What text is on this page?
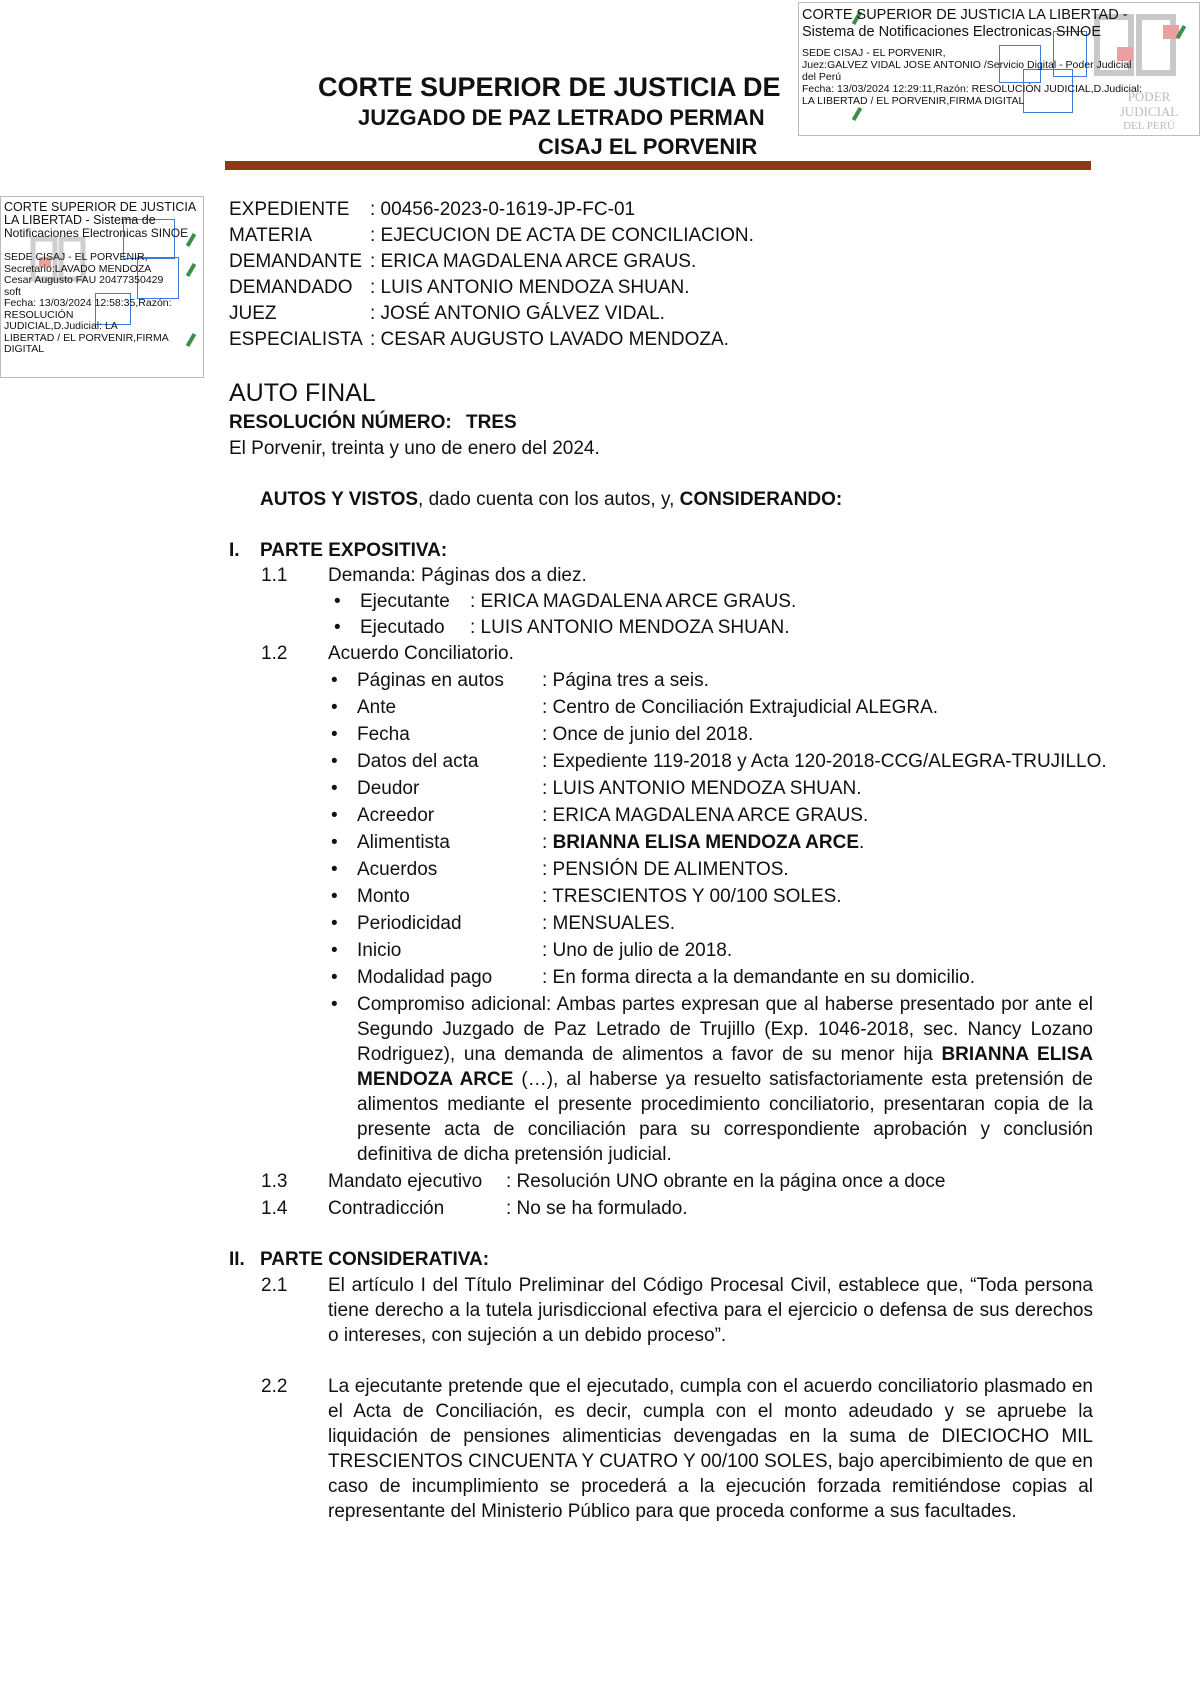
CORTE SUPERIOR DE JUSTICIA DE
JUZGADO DE PAZ LETRADO PERMAN
CISAJ EL PORVENIR
PODER JUDICIAL
DEL PERÚ
CORTE SUPERIOR DE JUSTICIA LA LIBERTAD -
Sistema de Notificaciones Electronicas SINOE
SEDE CISAJ - EL PORVENIR,
Juez:GALVEZ VIDAL JOSE ANTONIO /Servicio Digital - Poder Judicial
del Perú
Fecha: 13/03/2024 12:29:11,Razón: RESOLUCIÓN JUDICIAL,D.Judicial:
LA LIBERTAD / EL PORVENIR,FIRMA DIGITAL
CORTE SUPERIOR DE JUSTICIA
LA LIBERTAD - Sistema de
Notificaciones Electronicas SINOE
SEDE CISAJ - EL PORVENIR,
Secretario:LAVADO MENDOZA
Cesar Augusto FAU 20477350429
soft
Fecha: 13/03/2024 12:58:35,Razón:
RESOLUCIÓN
JUDICIAL,D.Judicial: LA
LIBERTAD / EL PORVENIR,FIRMA
DIGITAL
EXPEDIENTE : 00456-2023-0-1619-JP-FC-01
MATERIA	: EJECUCION DE ACTA DE CONCILIACION.
DEMANDANTE : ERICA MAGDALENA ARCE GRAUS.
DEMANDADO : LUIS ANTONIO MENDOZA SHUAN.
JUEZ	: JOSÉ ANTONIO GÁLVEZ VIDAL.
ESPECIALISTA : CESAR AUGUSTO LAVADO MENDOZA.
AUTO FINAL
RESOLUCIÓN NÚMERO: TRES
El Porvenir, treinta y uno de enero del 2024.
AUTOS Y VISTOS, dado cuenta con los autos, y, CONSIDERANDO:
I. PARTE EXPOSITIVA:
1.1 Demanda: Páginas dos a diez.
• Ejecutante : ERICA MAGDALENA ARCE GRAUS.
• Ejecutado : LUIS ANTONIO MENDOZA SHUAN.
1.2 Acuerdo Conciliatorio.
• Páginas en autos : Página tres a seis.
• Ante	: Centro de Conciliación Extrajudicial ALEGRA.
• Fecha	: Once de junio del 2018.
• Datos del acta	: Expediente 119-2018 y Acta 120-2018-CCG/ALEGRA-TRUJILLO.
• Deudor	: LUIS ANTONIO MENDOZA SHUAN.
• Acreedor	: ERICA MAGDALENA ARCE GRAUS.
• Alimentista	: BRIANNA ELISA MENDOZA ARCE.
• Acuerdos	: PENSIÓN DE ALIMENTOS.
• Monto	: TRESCIENTOS Y 00/100 SOLES.
• Periodicidad	: MENSUALES.
• Inicio	: Uno de julio de 2018.
• Modalidad pago	: En forma directa a la demandante en su domicilio.
• Compromiso adicional: Ambas partes expresan que al haberse presentado por ante el Segundo Juzgado de Paz Letrado de Trujillo (Exp. 1046-2018, sec. Nancy Lozano Rodriguez), una demanda de alimentos a favor de su menor hija BRIANNA ELISA MENDOZA ARCE (…), al haberse ya resuelto satisfactoriamente esta pretensión de alimentos mediante el presente procedimiento conciliatorio, presentaran copia de la presente acta de conciliación para su correspondiente aprobación y conclusión definitiva de dicha pretensión judicial.
1.3 Mandato ejecutivo : Resolución UNO obrante en la página once a doce
1.4 Contradicción	: No se ha formulado.
II. PARTE CONSIDERATIVA:
2.1 El artículo I del Título Preliminar del Código Procesal Civil, establece que, “Toda persona tiene derecho a la tutela jurisdiccional efectiva para el ejercicio o defensa de sus derechos o intereses, con sujeción a un debido proceso”.
2.2 La ejecutante pretende que el ejecutado, cumpla con el acuerdo conciliatorio plasmado en el Acta de Conciliación, es decir, cumpla con el monto adeudado y se apruebe la liquidación de pensiones alimenticias devengadas en la suma de DIECIOCHO MIL TRESCIENTOS CINCUENTA Y CUATRO Y 00/100 SOLES, bajo apercibimiento de que en caso de incumplimiento se procederá a la ejecución forzada remitiéndose copias al representante del Ministerio Público para que proceda conforme a sus facultades.
